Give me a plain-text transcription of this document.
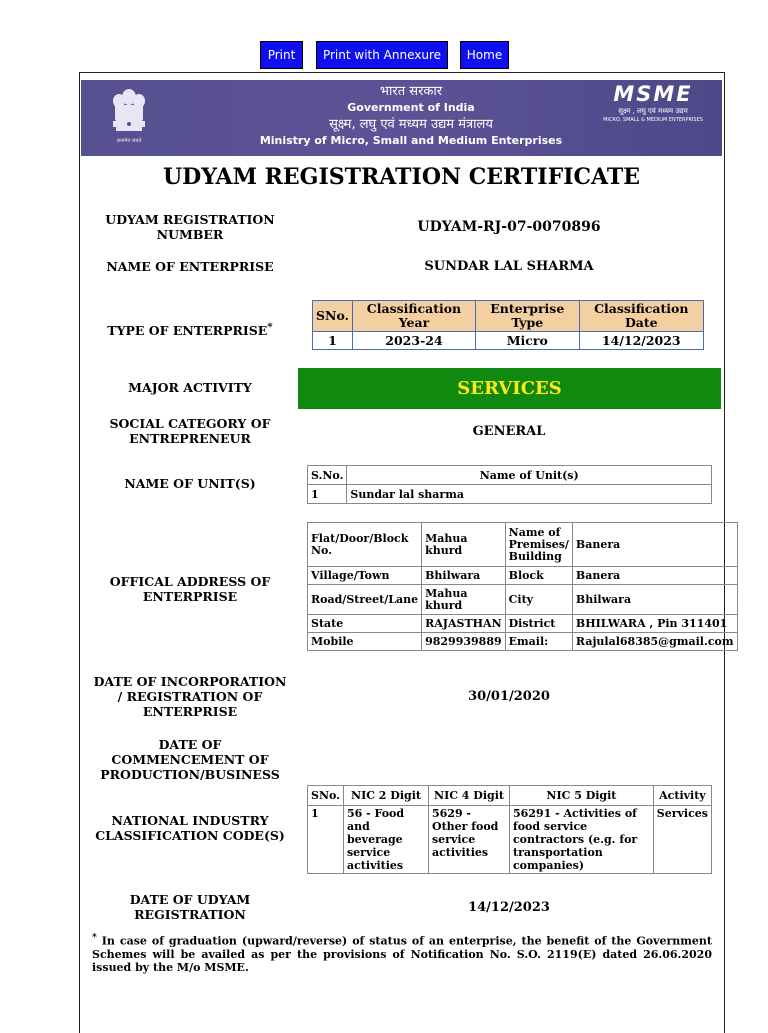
Print	Print with Annexure	Home
सत्यमेव जयते
भारत सरकार
Government of India
सूक्ष्म, लघु एवं मध्यम उद्यम मंत्रालय
Ministry of Micro, Small and Medium Enterprises
MSME
सूक्ष्म , लघु एवं मध्यम उद्यम
MICRO, SMALL & MEDIUM ENTERPRISES
UDYAM REGISTRATION CERTIFICATE
UDYAM REGISTRATION NUMBER	UDYAM-RJ-07-0070896
NAME OF ENTERPRISE	SUNDAR LAL SHARMA
TYPE OF ENTERPRISE*
SNo.	Classification Year	Enterprise Type	Classification Date
1	2023-24	Micro	14/12/2023
MAJOR ACTIVITY	SERVICES
SOCIAL CATEGORY OF ENTREPRENEUR	GENERAL
NAME OF UNIT(S)
S.No.	Name of Unit(s)
1	Sundar lal sharma
OFFICAL ADDRESS OF ENTERPRISE
Flat/Door/Block No.	Mahua khurd	Name of Premises/ Building	Banera
Village/Town	Bhilwara	Block	Banera
Road/Street/Lane	Mahua khurd	City	Bhilwara
State	RAJASTHAN	District	BHILWARA , Pin 311401
Mobile	9829939889	Email:	Rajulal68385@gmail.com
DATE OF INCORPORATION / REGISTRATION OF ENTERPRISE
30/01/2020
DATE OF COMMENCEMENT OF PRODUCTION/BUSINESS
NATIONAL INDUSTRY CLASSIFICATION CODE(S)
SNo.	NIC 2 Digit	NIC 4 Digit	NIC 5 Digit	Activity
1	56 - Food and beverage service activities	5629 - Other food service activities	56291 - Activities of food service contractors (e.g. for transportation companies)	Services
DATE OF UDYAM REGISTRATION	14/12/2023
* In case of graduation (upward/reverse) of status of an enterprise, the benefit of the Government Schemes will be availed as per the provisions of Notification No. S.O. 2119(E) dated 26.06.2020 issued by the M/o MSME.
